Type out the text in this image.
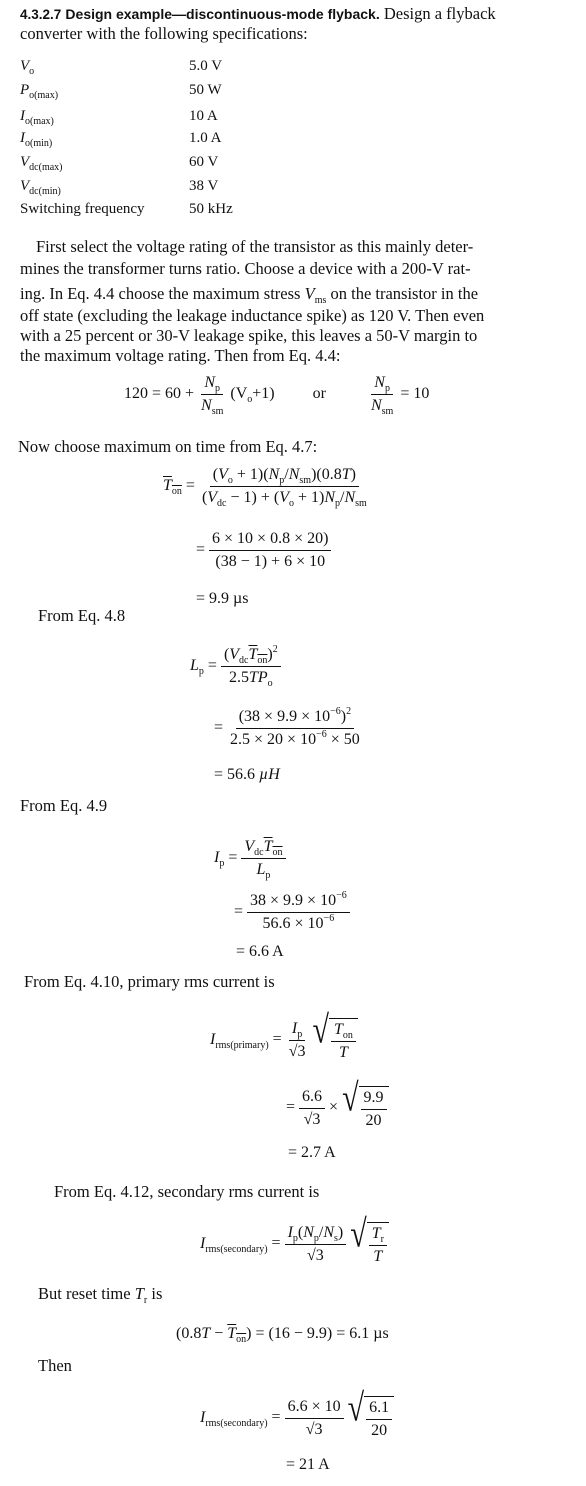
4.3.2.7 Design example—discontinuous-mode flyback. Design a flyback
converter with the following specifications:
$V_o$	5.0 V
$P_{o(max)}$	50 W
$I_{o(max)}$	10 A
$I_{o(min)}$	1.0 A
$V_{dc(max)}$	60 V
$V_{dc(min)}$	38 V
Switching frequency	50 kHz
First select the voltage rating of the transistor as this mainly deter-
mines the transformer turns ratio. Choose a device with a 200-V rat-
ing. In Eq. 4.4 choose the maximum stress $V_{ms}$ on the transistor in the
off state (excluding the leakage inductance spike) as 120 V. Then even
with a 25 percent or 30-V leakage spike, this leaves a 50-V margin to
the maximum voltage rating. Then from Eq. 4.4:
$120 = 60 + \frac{N_p}{N_{sm}} (V_o+1)$ or	$\frac{N_p}{N_{sm}} = 10$
Now choose maximum on time from Eq. 4.7:
$T_{on} = \frac{(V_o + 1)(N_p/N_{sm})(0.8T)}{(V_{dc} - 1) + (V_o + 1)N_p/N_{sm}}$
= $\frac{6 \times 10 \times 0.8 \times 20)}{(38 - 1) + 6 \times 10}$
= 9.9 µs
From Eq. 4.8
$L_p = \frac{(V_{dc}\overline{T}_{\overline{on}})^2}{2.5TP_o}$
= $\frac{(38 \times 9.9 \times 10^{-6})^2}{2.5 \times 20 \times 10^{-6} \times 50}$
= 56.6 µH
From Eq. 4.9
$I_p = \frac{V_{dc}\overline{T}_{\overline{on}}}{L_p}$
= $\frac{38 \times 9.9 \times 10^{-6}}{56.6 \times 10^{-6}}$
= 6.6 A
From Eq. 4.10, primary rms current is
$I_{rms(primary)} = \frac{I_p}{√3}$
√ $\frac{T_{on}}{T}$
= $\frac{6.6}{√3}$ × √ $\frac{9.9}{20}$
= 2.7 A
From Eq. 4.12, secondary rms current is
$I_{rms(secondary)} = \frac{I_p(N_p/N_s)}{√3}$
√ $\frac{T_r}{T}$
But reset time $T_r$ is
$(0.8T - \overline{T}_{\overline{on}}) = (16 - 9.9) = 6.1$ µs
Then
$I_{rms(secondary)} = \frac{6.6 \times 10}{√3}$
√ $\frac{6.1}{20}$
= 21 A
